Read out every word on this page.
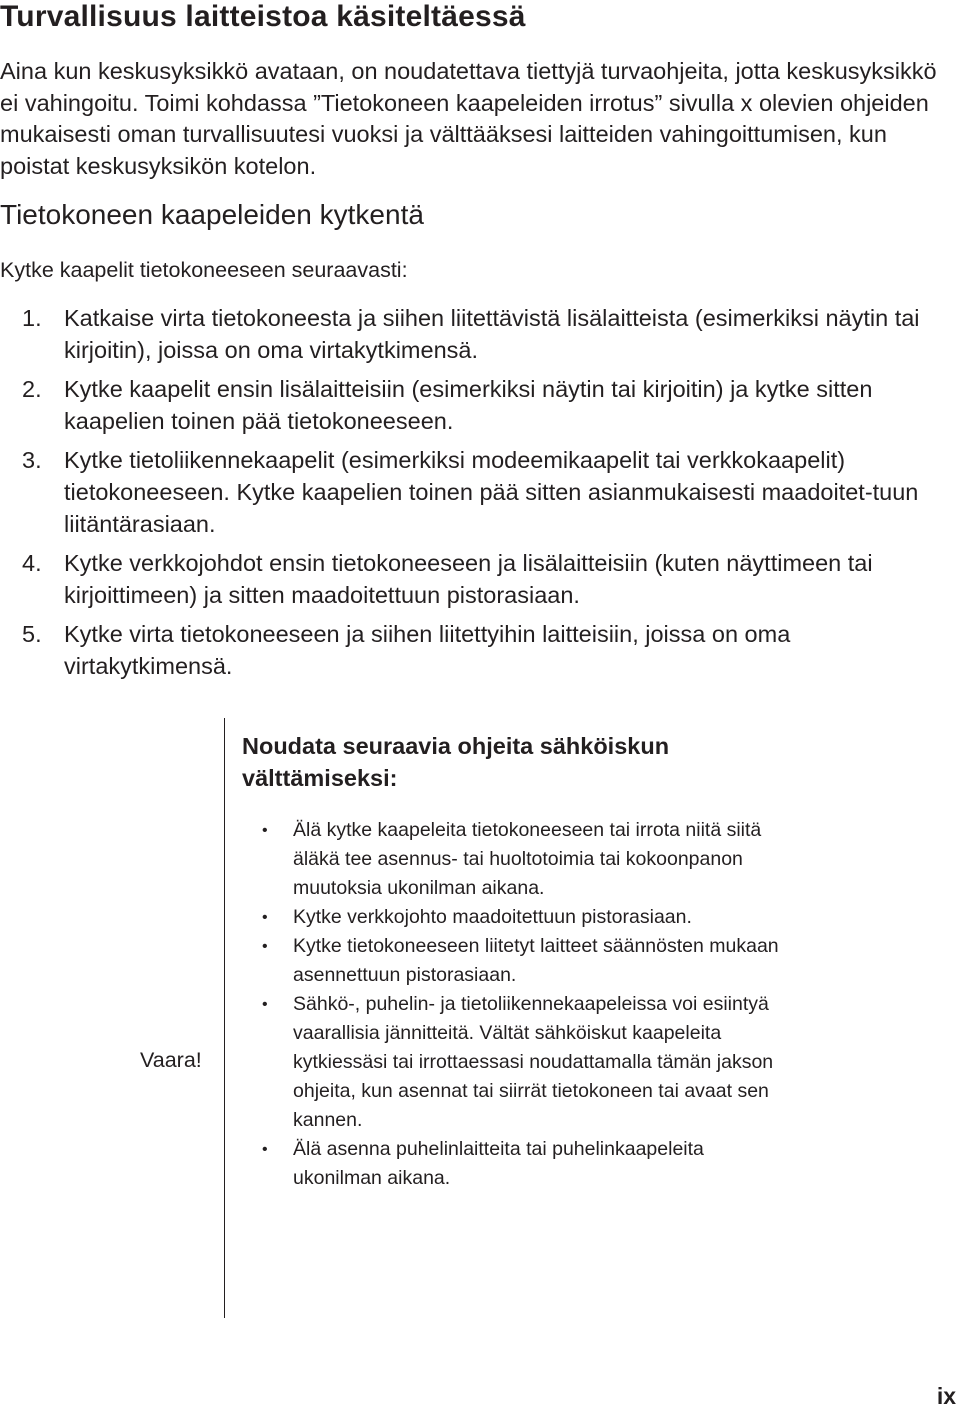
Turvallisuus laitteistoa käsiteltäessä

Aina kun keskusyksikkö avataan, on noudatettava tiettyjä turvaohjeita, jotta keskusyksikkö ei vahingoitu. Toimi kohdassa ”Tietokoneen kaapeleiden irrotus” sivulla x olevien ohjeiden mukaisesti oman turvallisuutesi vuoksi ja välttääksesi laitteiden vahingoittumisen, kun poistat keskusyksikön kotelon.

Tietokoneen kaapeleiden kytkentä

Kytke kaapelit tietokoneeseen seuraavasti:

1. Katkaise virta tietokoneesta ja siihen liitettävistä lisälaitteista (esimerkiksi näytin tai kirjoitin), joissa on oma virtakytkimensä.
2. Kytke kaapelit ensin lisälaitteisiin (esimerkiksi näytin tai kirjoitin) ja kytke sitten kaapelien toinen pää tietokoneeseen.
3. Kytke tietoliikennekaapelit (esimerkiksi modeemikaapelit tai verkkokaapelit) tietokoneeseen. Kytke kaapelien toinen pää sitten asianmukaisesti maadoitet-tuun liitäntärasiaan.
4. Kytke verkkojohdot ensin tietokoneeseen ja lisälaitteisiin (kuten näyttimeen tai kirjoittimeen) ja sitten maadoitettuun pistorasiaan.
5. Kytke virta tietokoneeseen ja siihen liitettyihin laitteisiin, joissa on oma virtakytkimensä.
Vaara!
Noudata seuraavia ohjeita sähköiskun välttämiseksi:
• Älä kytke kaapeleita tietokoneeseen tai irrota niitä siitä äläkä tee asennus- tai huoltotoimia tai kokoonpanon muutoksia ukonilman aikana.
• Kytke verkkojohto maadoitettuun pistorasiaan.
• Kytke tietokoneeseen liitetyt laitteet säännösten mukaan asennettuun pistorasiaan.
• Sähkö-, puhelin- ja tietoliikennekaapeleissa voi esiintyä vaarallisia jännitteitä. Vältät sähköiskut kaapeleita kytkiessäsi tai irrottaessasi noudattamalla tämän jakson ohjeita, kun asennat tai siirrät tietokoneen tai avaat sen kannen.
• Älä asenna puhelinlaitteita tai puhelinkaapeleita ukonilman aikana.
ix
